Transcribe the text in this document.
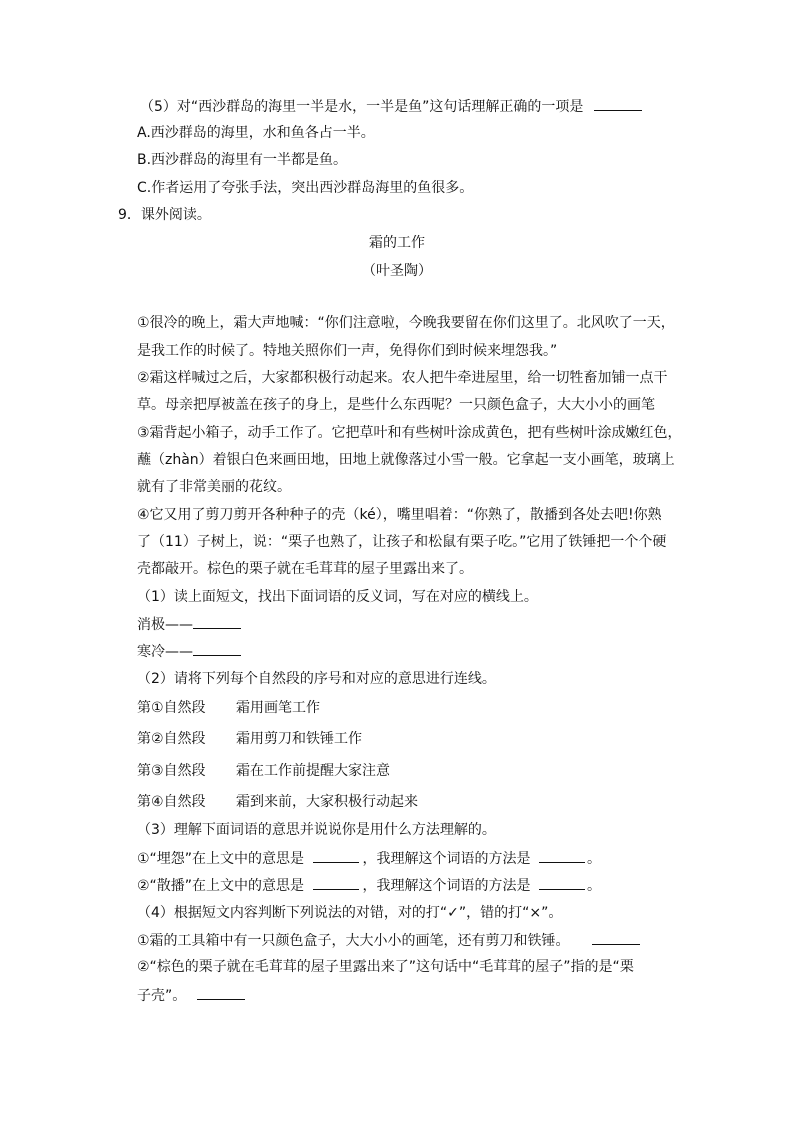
（5）对“西沙群岛的海里一半是水，一半是鱼”这句话理解正确的一项是
A.西沙群岛的海里，水和鱼各占一半。
B.西沙群岛的海里有一半都是鱼。
C.作者运用了夸张手法，突出西沙群岛海里的鱼很多。
9．课外阅读。
霜的工作
（叶圣陶）
①很冷的晚上，霜大声地喊：“你们注意啦，今晚我要留在你们这里了。北风吹了一天，
是我工作的时候了。特地关照你们一声，免得你们到时候来埋怨我。”
②霜这样喊过之后，大家都积极行动起来。农人把牛牵进屋里，给一切牲畜加铺一点干
草。母亲把厚被盖在孩子的身上，是些什么东西呢？一只颜色盒子，大大小小的画笔
③霜背起小箱子，动手工作了。它把草叶和有些树叶涂成黄色，把有些树叶涂成嫩红色，
蘸（zhàn）着银白色来画田地，田地上就像落过小雪一般。它拿起一支小画笔，玻璃上
就有了非常美丽的花纹。
④它又用了剪刀剪开各种种子的壳（ké），嘴里唱着：“你熟了，散播到各处去吧!你熟
了（11）子树上，说：“栗子也熟了，让孩子和松鼠有栗子吃。”它用了铁锤把一个个硬
壳都敲开。棕色的栗子就在毛茸茸的屋子里露出来了。
（1）读上面短文，找出下面词语的反义词，写在对应的横线上。
消极——
寒冷——
（2）请将下列每个自然段的序号和对应的意思进行连线。
第①自然段 霜用画笔工作
第②自然段 霜用剪刀和铁锤工作
第③自然段 霜在工作前提醒大家注意
第④自然段 霜到来前，大家积极行动起来
（3）理解下面词语的意思并说说你是用什么方法理解的。
①“埋怨”在上文中的意思是	，我理解这个词语的方法是	。
②“散播”在上文中的意思是	，我理解这个词语的方法是	。
（4）根据短文内容判断下列说法的对错，对的打“✓”，错的打“×”。
①霜的工具箱中有一只颜色盒子，大大小小的画笔，还有剪刀和铁锤。
②“棕色的栗子就在毛茸茸的屋子里露出来了”这句话中“毛茸茸的屋子”指的是“栗
子壳”。
